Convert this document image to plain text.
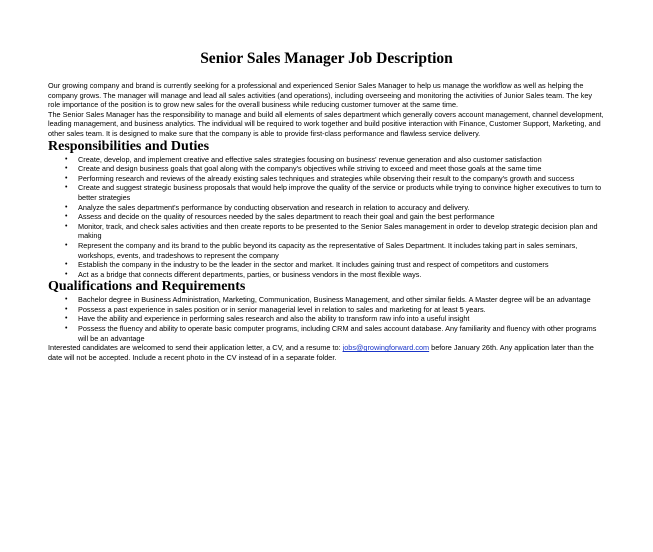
Senior Sales Manager Job Description

Our growing company and brand is currently seeking for a professional and experienced Senior Sales Manager to help us manage the workflow as well as helping the company grows. The manager will manage and lead all sales activities (and operations), including overseeing and monitoring the activities of Junior Sales team. The key role importance of the position is to grow new sales for the overall business while reducing customer turnover at the same time.

The Senior Sales Manager has the responsibility to manage and build all elements of sales department which generally covers account management, channel development, leading management, and business analytics. The individual will be required to work together and build positive interaction with Finance, Customer Support, Marketing, and other sales team. It is designed to make sure that the company is able to provide first-class performance and flawless service delivery.

Responsibilities and Duties
• Create, develop, and implement creative and effective sales strategies focusing on business' revenue generation and also customer satisfaction
• Create and design business goals that goal along with the company's objectives while striving to exceed and meet those goals at the same time
• Performing research and reviews of the already existing sales techniques and strategies while observing their result to the company's growth and success
• Create and suggest strategic business proposals that would help improve the quality of the service or products while trying to convince higher executives to turn to better strategies
• Analyze the sales department's performance by conducting observation and research in relation to accuracy and delivery.
• Assess and decide on the quality of resources needed by the sales department to reach their goal and gain the best performance
• Monitor, track, and check sales activities and then create reports to be presented to the Senior Sales management in order to develop strategic decision plan and making
• Represent the company and its brand to the public beyond its capacity as the representative of Sales Department. It includes taking part in sales seminars, workshops, events, and tradeshows to represent the company
• Establish the company in the industry to be the leader in the sector and market. It includes gaining trust and respect of competitors and customers
• Act as a bridge that connects different departments, parties, or business vendors in the most flexible ways.
Qualifications and Requirements
• Bachelor degree in Business Administration, Marketing, Communication, Business Management, and other similar fields. A Master degree will be an advantage
• Possess a past experience in sales position or in senior managerial level in relation to sales and marketing for at least 5 years.
• Have the ability and experience in performing sales research and also the ability to transform raw info into a useful insight
• Possess the fluency and ability to operate basic computer programs, including CRM and sales account database. Any familiarity and fluency with other programs will be an advantage

Interested candidates are welcomed to send their application letter, a CV, and a resume to: jobs@growingforward.com before January 26th. Any application later than the date will not be accepted. Include a recent photo in the CV instead of in a separate folder.
